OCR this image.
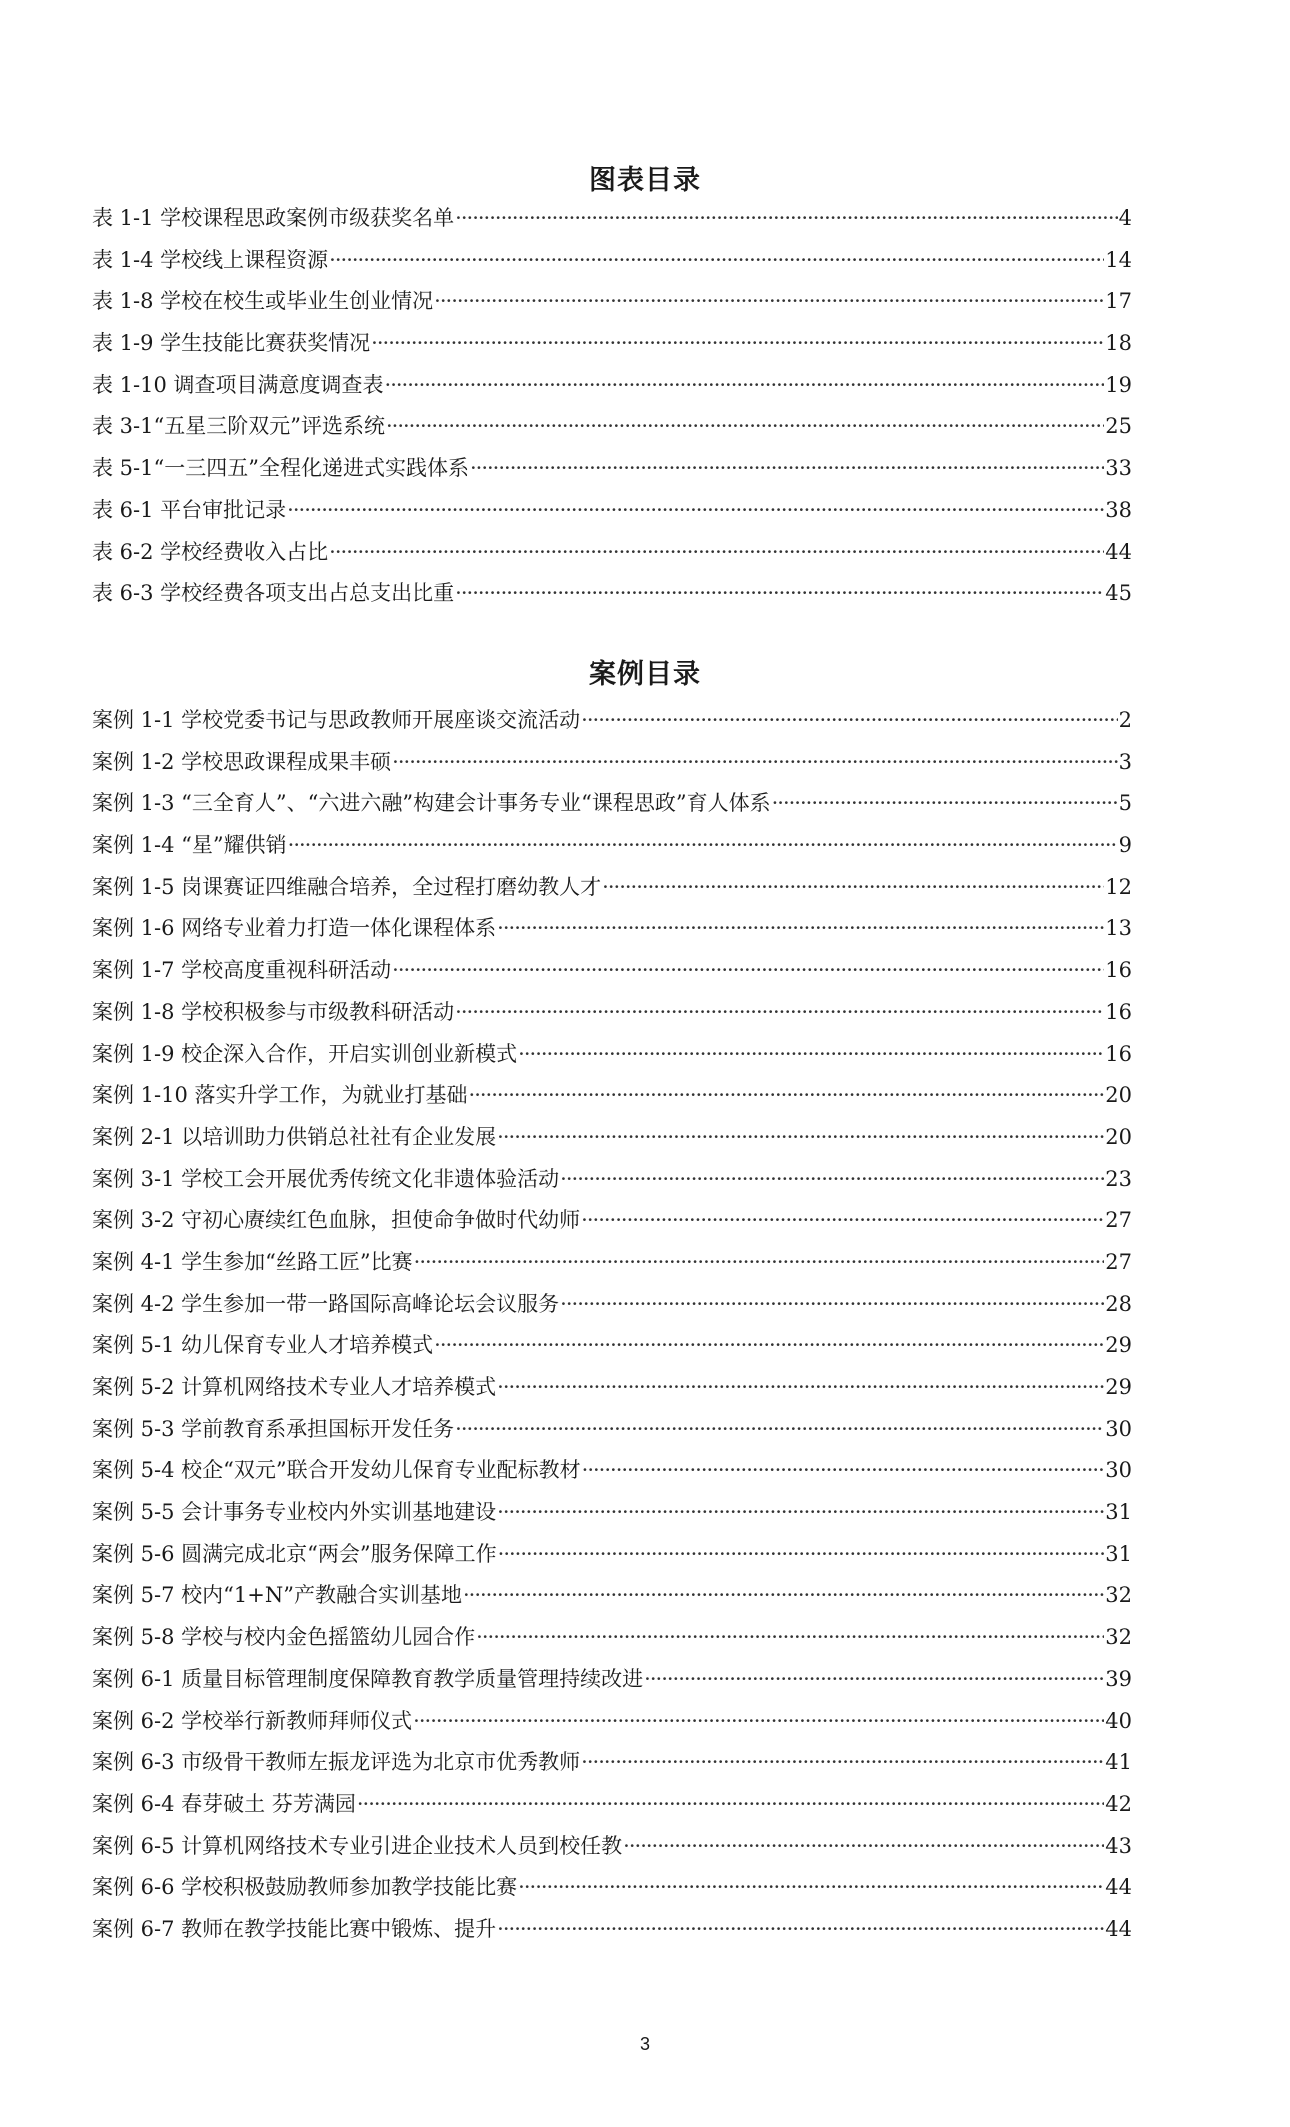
图表目录
表 1-1 学校课程思政案例市级获奖名单 ·····	4
表 1-4 学校线上课程资源 ·····	14
表 1-8 学校在校生或毕业生创业情况 ·····	17
表 1-9 学生技能比赛获奖情况 ·····	18
表 1-10 调查项目满意度调查表 ·····	19
表 3-1“五星三阶双元”评选系统 ·····	25
表 5-1“一三四五”全程化递进式实践体系 ·····	33
表 6-1 平台审批记录 ·····	38
表 6-2 学校经费收入占比 ·····	44
表 6-3 学校经费各项支出占总支出比重 ·····	45
案例目录
案例 1-1 学校党委书记与思政教师开展座谈交流活动 ·····	2
案例 1-2 学校思政课程成果丰硕 ·····	3
案例 1-3 “三全育人”、“六进六融”构建会计事务专业“课程思政”育人体系 ·····	5
案例 1-4 “星”耀供销 ·····	9
案例 1-5 岗课赛证四维融合培养，全过程打磨幼教人才 ·····	12
案例 1-6 网络专业着力打造一体化课程体系 ·····	13
案例 1-7 学校高度重视科研活动 ·····	16
案例 1-8 学校积极参与市级教科研活动 ·····	16
案例 1-9 校企深入合作，开启实训创业新模式 ·····	16
案例 1-10 落实升学工作，为就业打基础 ·····	20
案例 2-1 以培训助力供销总社社有企业发展 ·····	20
案例 3-1 学校工会开展优秀传统文化非遗体验活动 ·····	23
案例 3-2 守初心赓续红色血脉，担使命争做时代幼师 ·····	27
案例 4-1 学生参加“丝路工匠”比赛 ·····	27
案例 4-2 学生参加一带一路国际高峰论坛会议服务 ·····	28
案例 5-1 幼儿保育专业人才培养模式 ·····	29
案例 5-2 计算机网络技术专业人才培养模式 ·····	29
案例 5-3 学前教育系承担国标开发任务 ·····	30
案例 5-4 校企“双元”联合开发幼儿保育专业配标教材 ·····	30
案例 5-5 会计事务专业校内外实训基地建设 ·····	31
案例 5-6 圆满完成北京“两会”服务保障工作 ·····	31
案例 5-7 校内“1+N”产教融合实训基地 ·····	32
案例 5-8 学校与校内金色摇篮幼儿园合作 ·····	32
案例 6-1 质量目标管理制度保障教育教学质量管理持续改进 ·····	39
案例 6-2 学校举行新教师拜师仪式 ·····	40
案例 6-3 市级骨干教师左振龙评选为北京市优秀教师 ·····	41
案例 6-4 春芽破土 芬芳满园 ·····	42
案例 6-5 计算机网络技术专业引进企业技术人员到校任教 ·····	43
案例 6-6 学校积极鼓励教师参加教学技能比赛 ·····	44
案例 6-7 教师在教学技能比赛中锻炼、提升 ·····	44
3
